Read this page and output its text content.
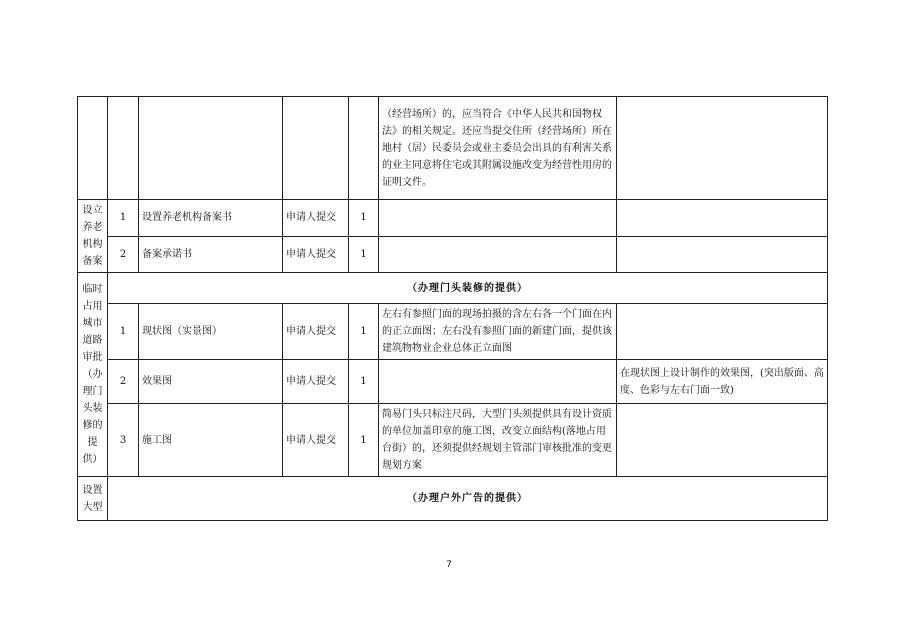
					（经营场所）的，应当符合《中华人民共和国物权法》的相关规定。还应当提交住所（经营场所）所在地村（居）民委员会或业主委员会出具的有利害关系的业主同意将住宅或其附属设施改变为经营性用房的证明文件。	
设立养老机构备案	1	设置养老机构备案书	申请人提交	1		
	2	备案承诺书	申请人提交	1		
临时占用城市道路审批（办理门头装修的提供）	（办理门头装修的提供）					
	1	现状图（实景图）	申请人提交	1	左右有参照门面的现场拍摄的含左右各一个门面在内的正立面图；左右没有参照门面的新建门面，提供该建筑物物业企业总体正立面图	
	2	效果图	申请人提交	1		在现状图上设计制作的效果图，(突出版面、高度、色彩与左右门面一致)
	3	施工图	申请人提交	1	简易门头只标注尺码，大型门头须提供具有设计资质的单位加盖印章的施工图，改变立面结构(落地占用台街）的，还须提供经规划主管部门审核批准的变更规划方案	
设置大型	（办理户外广告的提供）					
7
